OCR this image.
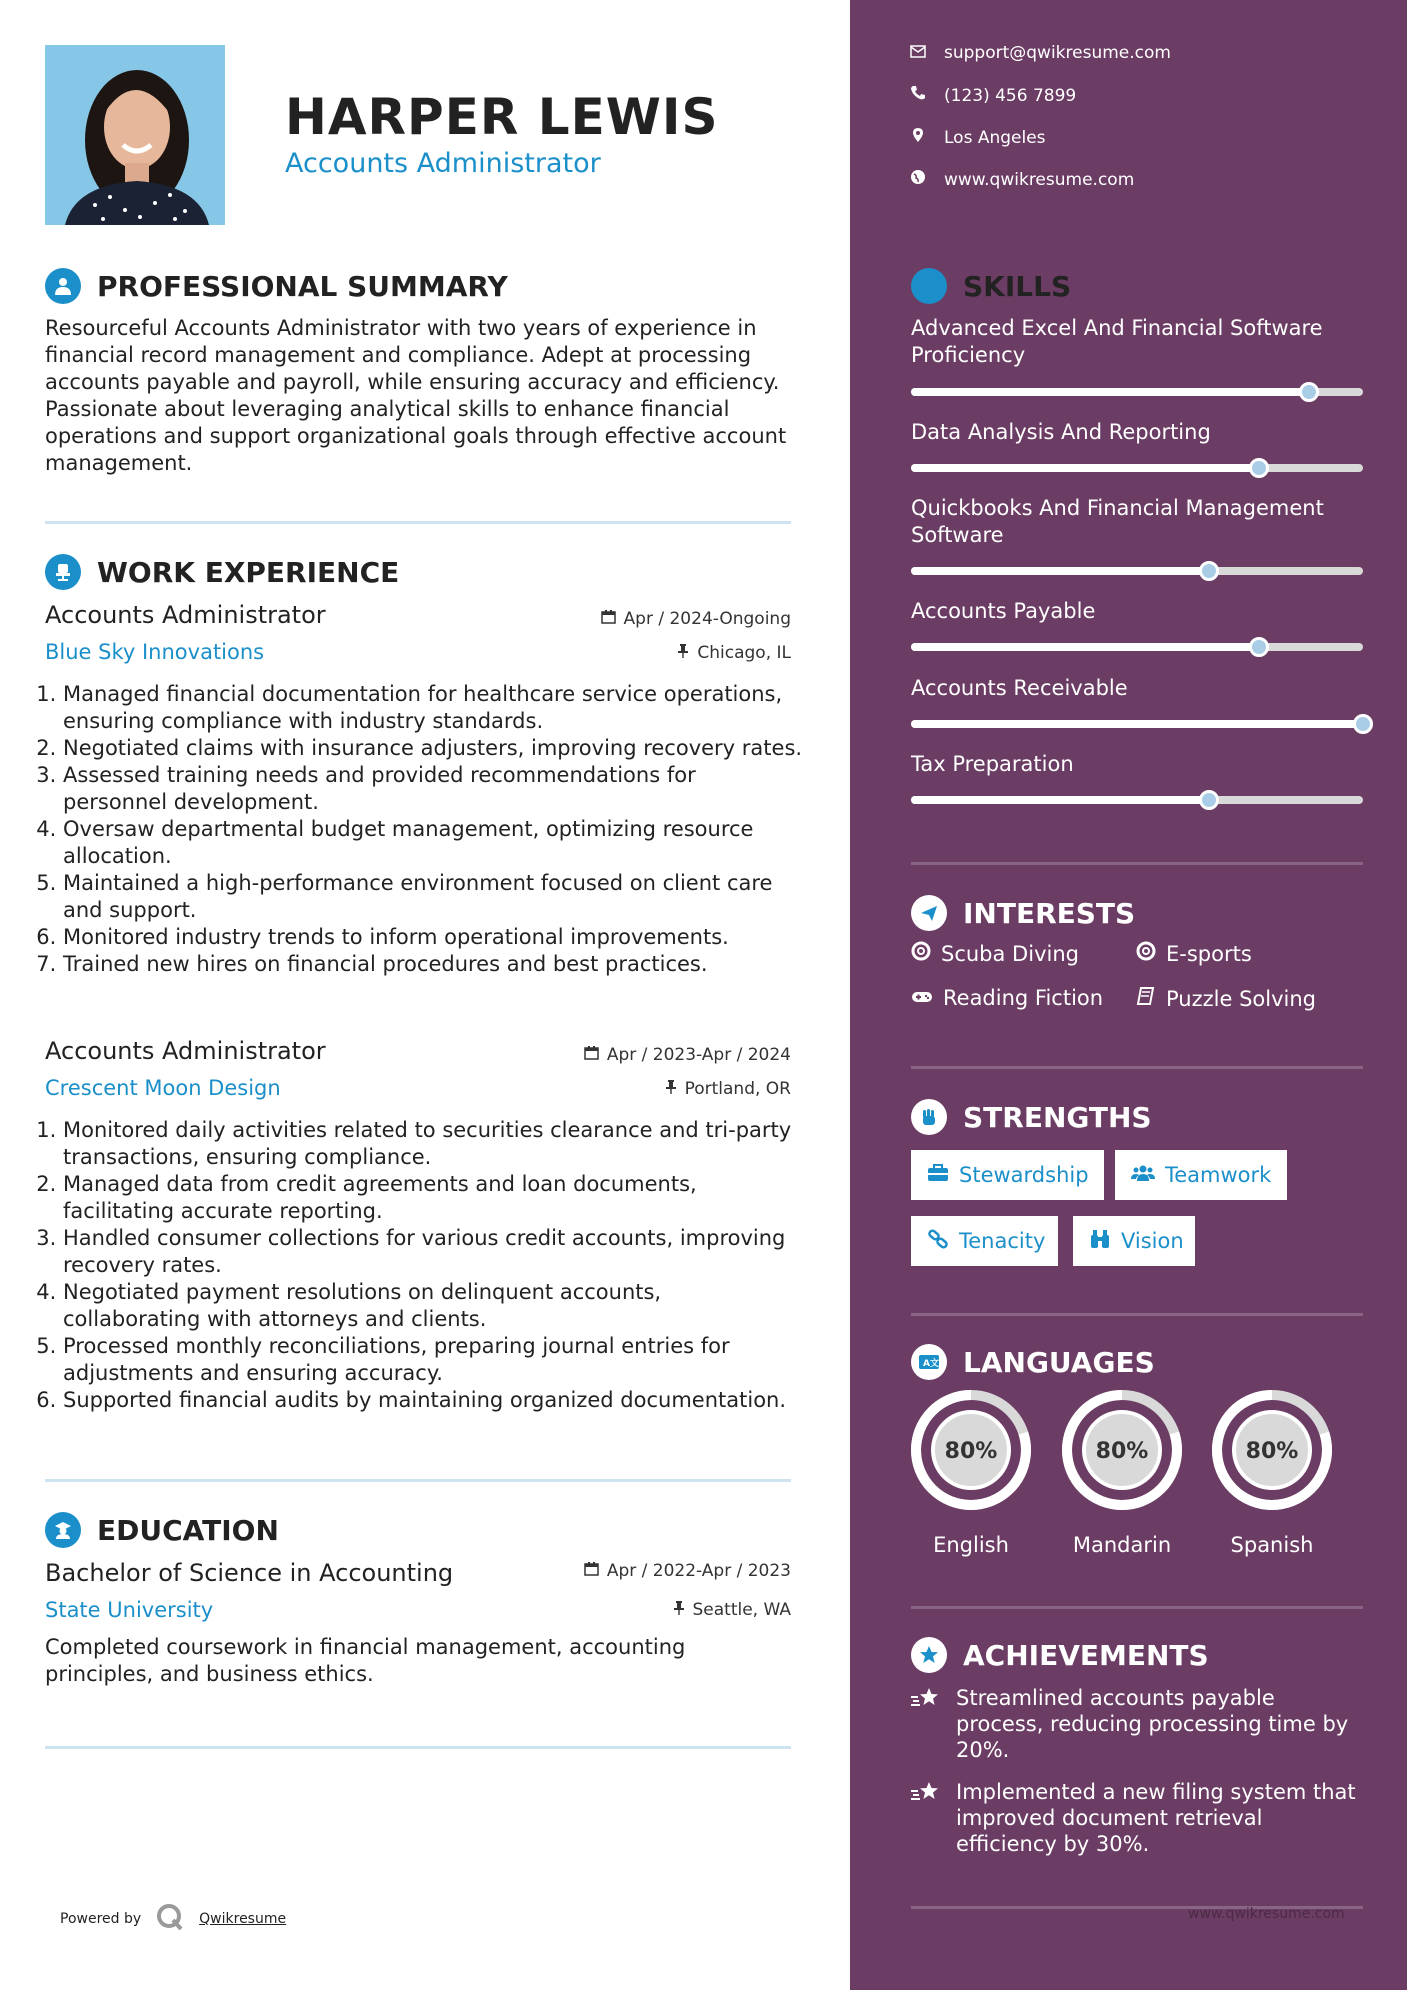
HARPER LEWIS
Accounts Administrator
PROFESSIONAL SUMMARY
Resourceful Accounts Administrator with two years of experience in financial record management and compliance. Adept at processing accounts payable and payroll, while ensuring accuracy and efficiency. Passionate about leveraging analytical skills to enhance financial operations and support organizational goals through effective account management.
WORK EXPERIENCE
Accounts Administrator
Blue Sky Innovations
Apr / 2024-Ongoing
Chicago, IL
1. Managed financial documentation for healthcare service operations, ensuring compliance with industry standards.
2. Negotiated claims with insurance adjusters, improving recovery rates.
3. Assessed training needs and provided recommendations for personnel development.
4. Oversaw departmental budget management, optimizing resource allocation.
5. Maintained a high-performance environment focused on client care and support.
6. Monitored industry trends to inform operational improvements.
7. Trained new hires on financial procedures and best practices.
Accounts Administrator
Crescent Moon Design
Apr / 2023-Apr / 2024
Portland, OR
1. Monitored daily activities related to securities clearance and tri-party transactions, ensuring compliance.
2. Managed data from credit agreements and loan documents, facilitating accurate reporting.
3. Handled consumer collections for various credit accounts, improving recovery rates.
4. Negotiated payment resolutions on delinquent accounts, collaborating with attorneys and clients.
5. Processed monthly reconciliations, preparing journal entries for adjustments and ensuring accuracy.
6. Supported financial audits by maintaining organized documentation.
EDUCATION
Bachelor of Science in Accounting
State University
Apr / 2022-Apr / 2023
Seattle, WA
Completed coursework in financial management, accounting principles, and business ethics.
Powered by	Qwikresume
support@qwikresume.com
(123) 456 7899
Los Angeles
www.qwikresume.com
SKILLS
Advanced Excel And Financial Software Proficiency
Data Analysis And Reporting
Quickbooks And Financial Management Software
Accounts Payable
Accounts Receivable
Tax Preparation
INTERESTS
Scuba Diving	E-sports
Reading Fiction	Puzzle Solving
STRENGTHS
Stewardship	Teamwork
Tenacity	Vision
A 文 LANGUAGES
80%
English
80%
Mandarin
80%
Spanish
ACHIEVEMENTS
Streamlined accounts payable process, reducing processing time by 20%.
Implemented a new filing system that improved document retrieval efficiency by 30%.
www.qwikresume.com
